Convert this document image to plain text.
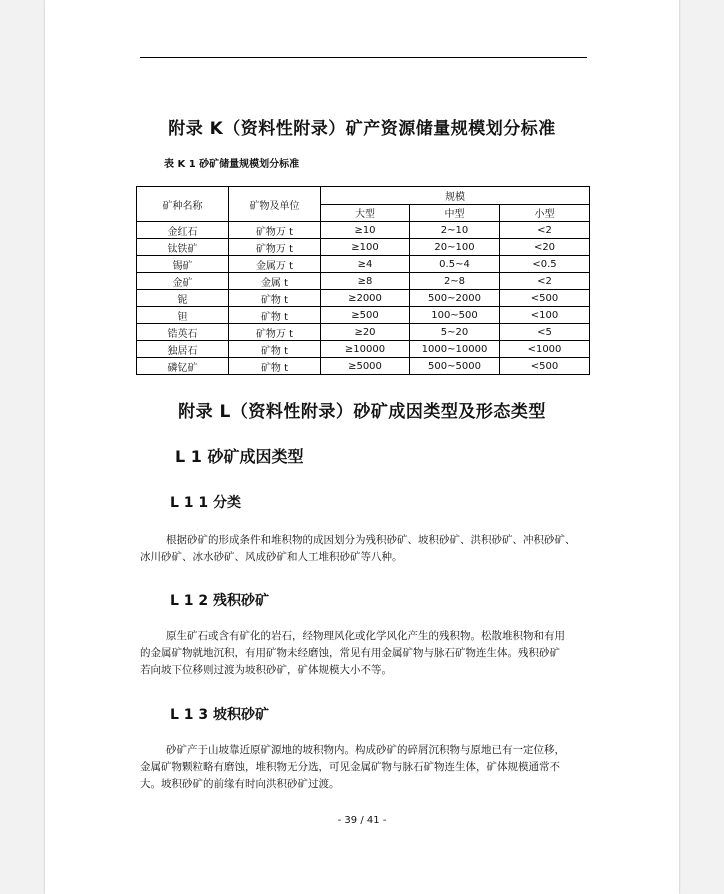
附录 K（资料性附录）矿产资源储量规模划分标准
表 K 1 砂矿储量规模划分标准
矿种名称	矿物及单位	规模		
		大型	中型	小型
金红石	矿物万 t	≥10	2~10	<2
钛铁矿	矿物万 t	≥100	20~100	<20
锡矿	金属万 t	≥4	0.5~4	<0.5
金矿	金属 t	≥8	2~8	<2
铌	矿物 t	≥2000	500~2000	<500
钽	矿物 t	≥500	100~500	<100
锆英石	矿物万 t	≥20	5~20	<5
独居石	矿物 t	≥10000	1000~10000	<1000
磷钇矿	矿物 t	≥5000	500~5000	<500
附录 L（资料性附录）砂矿成因类型及形态类型
L 1 砂矿成因类型
L 1 1 分类
根据砂矿的形成条件和堆积物的成因划分为残积砂矿、坡积砂矿、洪积砂矿、冲积砂矿、
冰川砂矿、冰水砂矿、风成砂矿和人工堆积砂矿等八种。
L 1 2 残积砂矿
原生矿石或含有矿化的岩石，经物理风化或化学风化产生的残积物。松散堆积物和有用
的金属矿物就地沉积，有用矿物未经磨蚀，常见有用金属矿物与脉石矿物连生体。残积砂矿
若向坡下位移则过渡为坡积砂矿，矿体规模大小不等。
L 1 3 坡积砂矿
砂矿产于山坡靠近原矿源地的坡积物内。构成砂矿的碎屑沉积物与原地已有一定位移，
金属矿物颗粒略有磨蚀，堆积物无分选，可见金属矿物与脉石矿物连生体，矿体规模通常不
大。坡积砂矿的前缘有时向洪积砂矿过渡。
- 39 / 41 -
